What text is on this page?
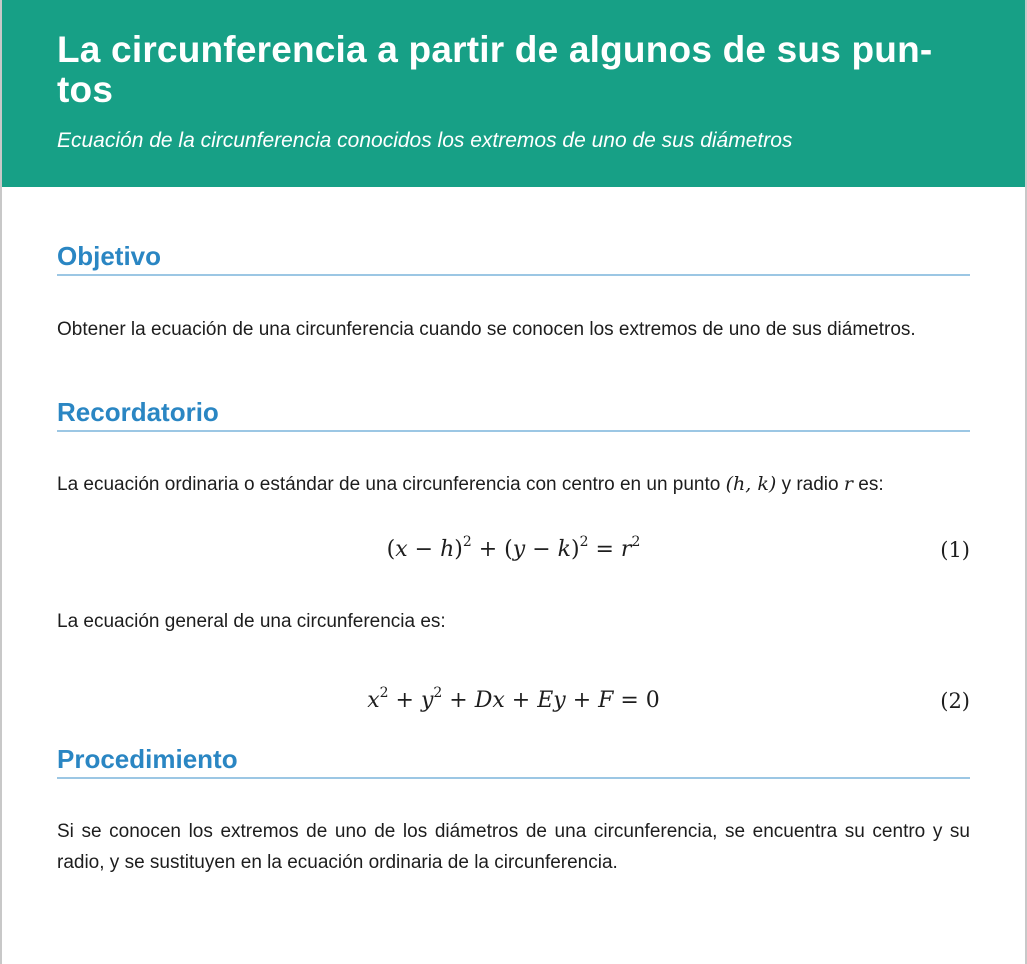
La circunferencia a partir de algunos de sus pun-
tos
Ecuación de la circunferencia conocidos los extremos de uno de sus diámetros
Objetivo

Obtener la ecuación de una circunferencia cuando se conocen los extremos de uno de sus diámetros.

Recordatorio

La ecuación ordinaria o estándar de una circunferencia con centro en un punto (h, k) y radio r es:

$(x - h)^2 + (y - k)^2 = r^2$	(1)

La ecuación general de una circunferencia es:

$x^2 + y^2 + Dx + Ey + F = 0$	(2)
Procedimiento

Si se conocen los extremos de uno de los diámetros de una circunferencia, se encuentra su centro y su radio, y se sustituyen en la ecuación ordinaria de la circunferencia.
